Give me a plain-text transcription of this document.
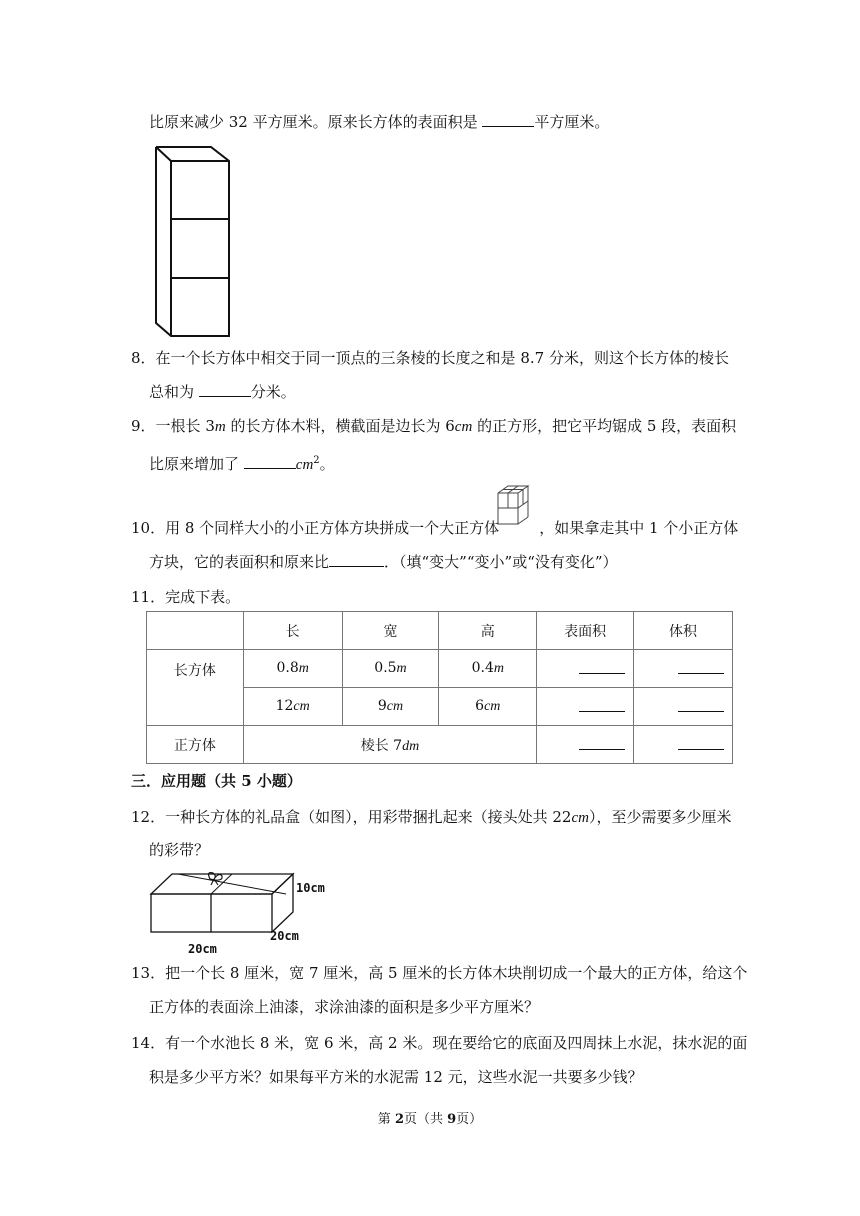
比原来减少 32 平方厘米。原来长方体的表面积是	平方厘米。
8．在一个长方体中相交于同一顶点的三条棱的长度之和是 8.7 分米，则这个长方体的棱长
总和为	分米。
9．一根长 3m 的长方体木料，横截面是边长为 6cm 的正方形，把它平均锯成 5 段，表面积
比原来增加了	$cm^2$。
10．用 8 个同样大小的小正方体方块拼成一个大正方体	，如果拿走其中 1 个小正方体
方块，它的表面积和原来比	．（填“变大”“变小”或“没有变化”）
11．完成下表。
	长	宽	高	表面积	体积
长方体	0.8m	0.5m	0.4m		
	12cm	9cm	6cm		
正方体	棱长 7dm				
三．应用题（共 5 小题）
12．一种长方体的礼品盒（如图），用彩带捆扎起来（接头处共 22cm），至少需要多少厘米
的彩带？
10cm
20cm
20cm
13．把一个长 8 厘米，宽 7 厘米，高 5 厘米的长方体木块削切成一个最大的正方体，给这个
正方体的表面涂上油漆，求涂油漆的面积是多少平方厘米？
14．有一个水池长 8 米，宽 6 米，高 2 米。现在要给它的底面及四周抹上水泥，抹水泥的面
积是多少平方米？如果每平方米的水泥需 12 元，这些水泥一共要多少钱？
第 2页（共 9页）
